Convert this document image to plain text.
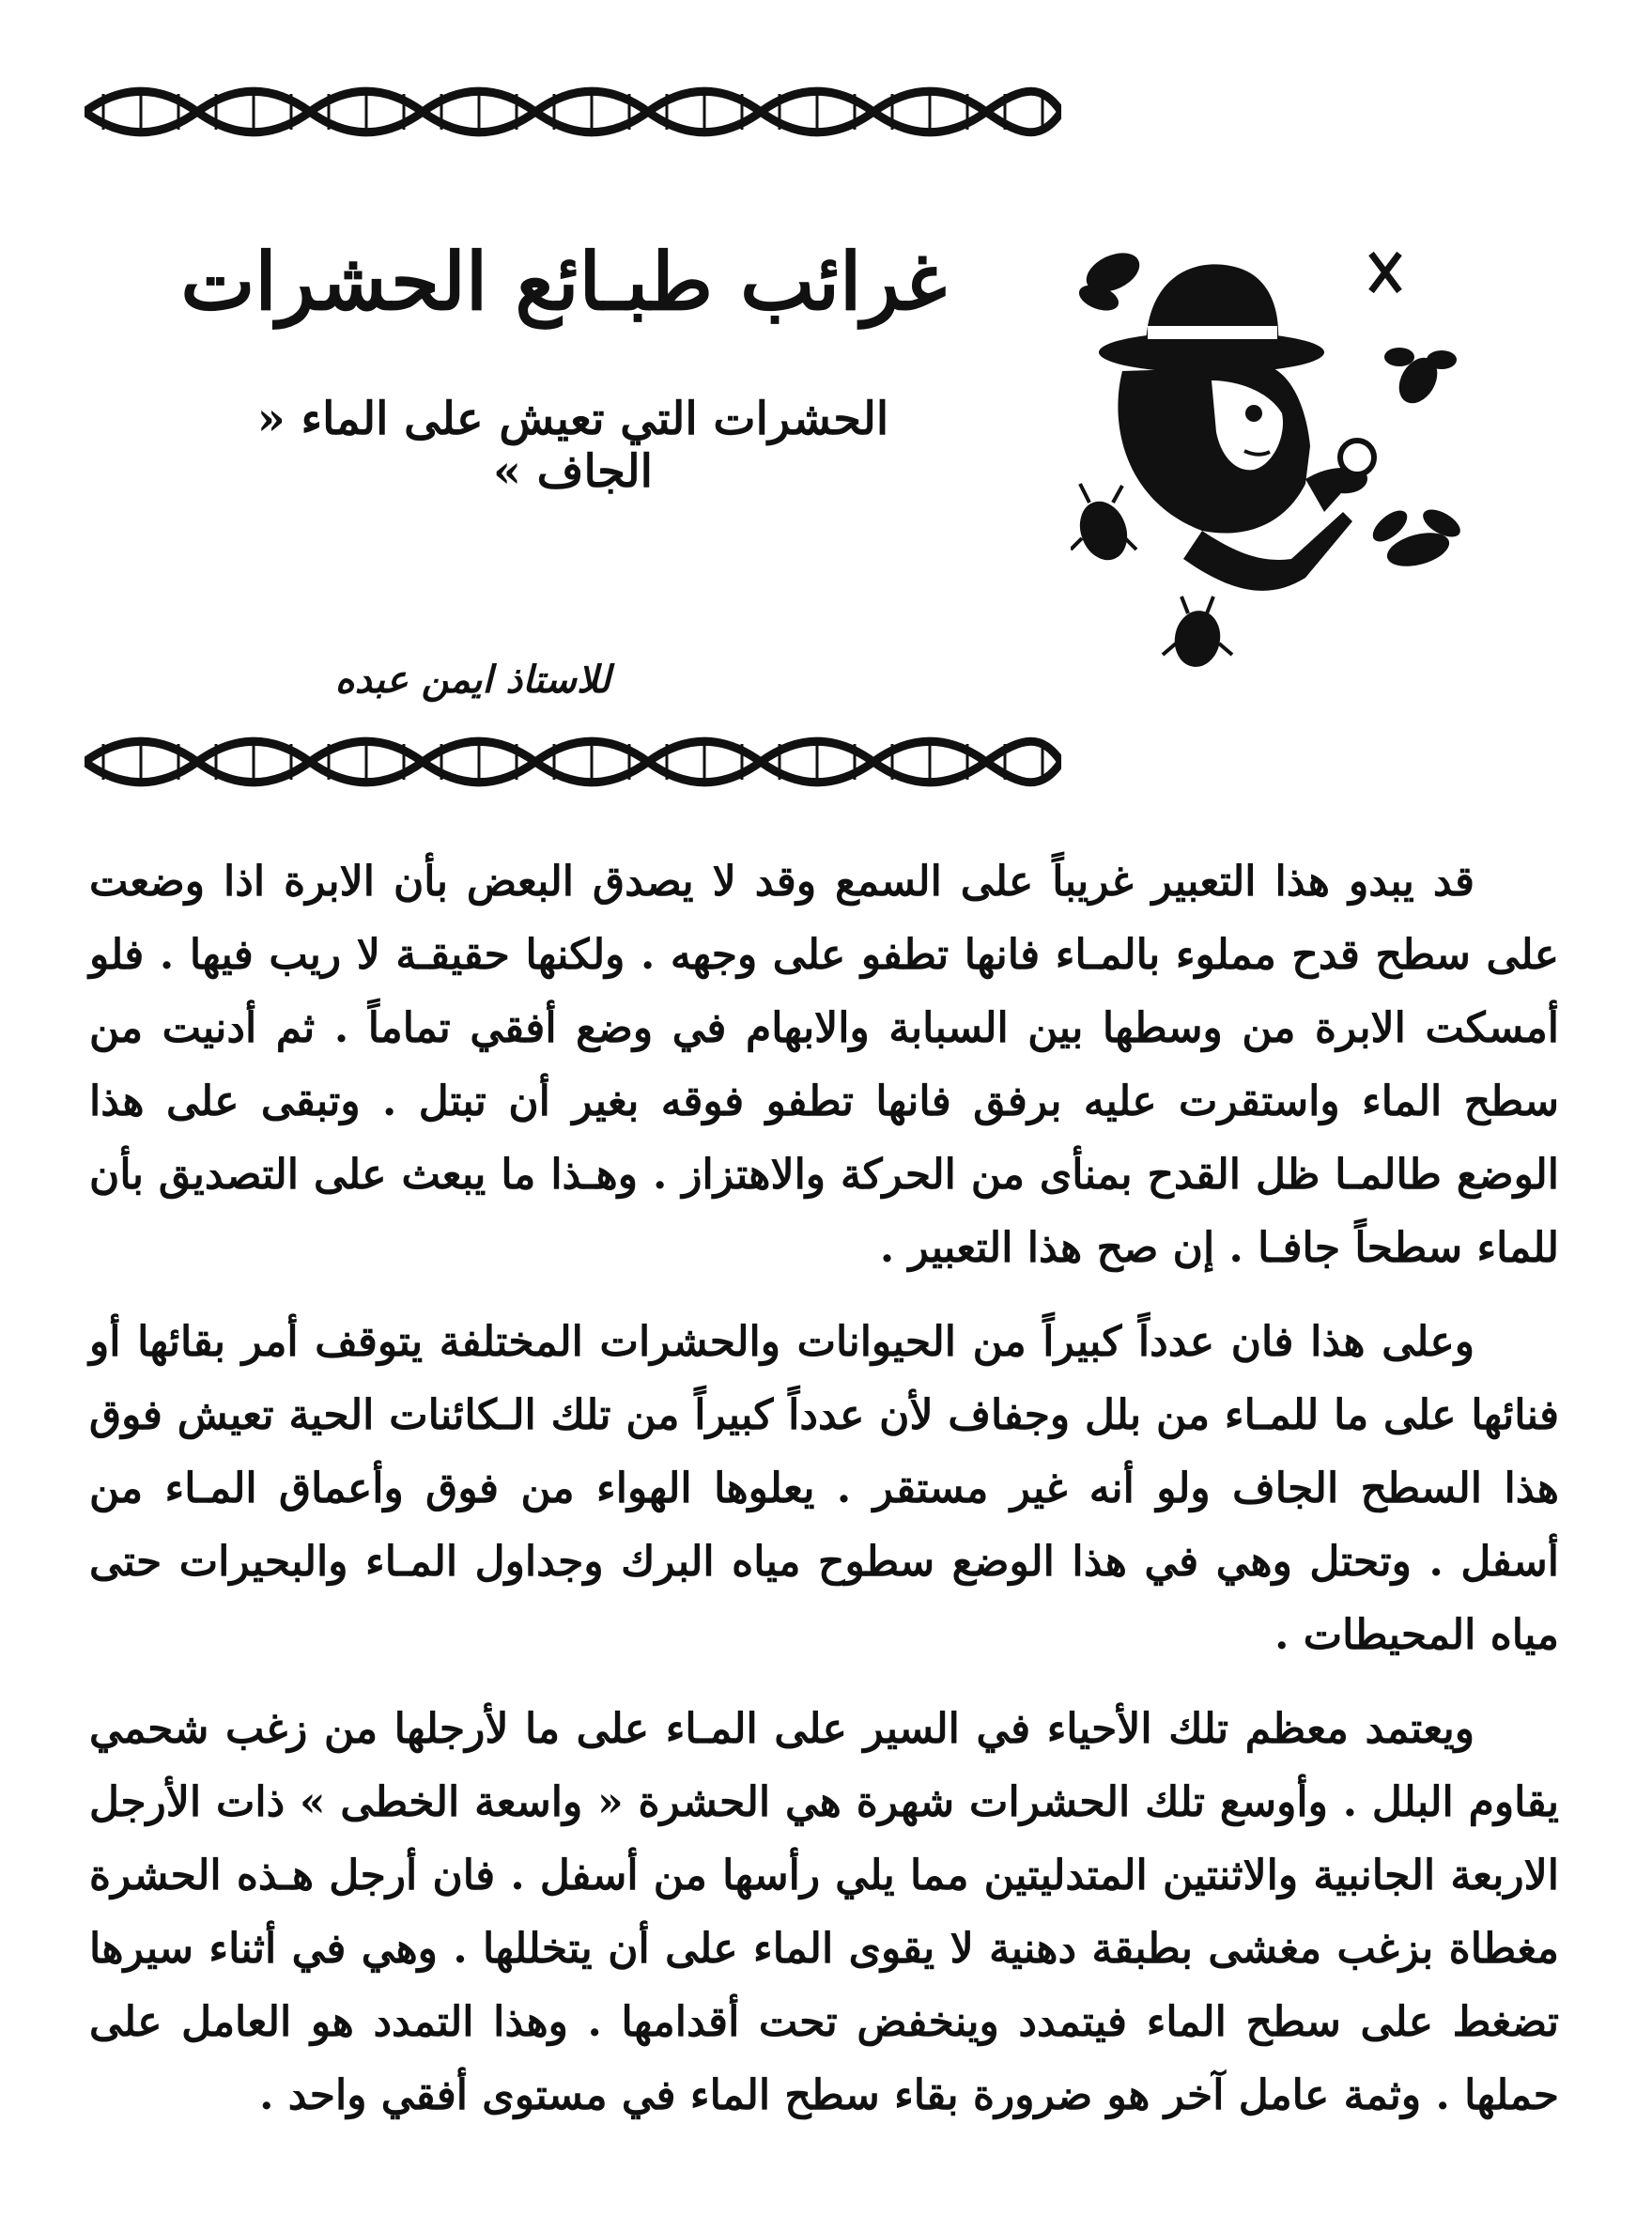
غرائب طبـائع الحشرات
الحشرات التي تعيش على الماء « الجاف »

للاستاذ ايمن عبده

قد يبدو هذا التعبير غريباً على السمع وقد لا يصدق البعض بأن الابرة اذا وضعت على سطح قدح مملوء بالمـاء فانها تطفو على وجهه . ولكنها حقيقـة لا ريب فيها . فلو أمسكت الابرة من وسطها بين السبابة والابهام في وضع أفقي تماماً . ثم أدنيت من سطح الماء واستقرت عليه برفق فانها تطفو فوقه بغير أن تبتل . وتبقى على هذا الوضع طالمـا ظل القدح بمنأى من الحركة والاهتزاز . وهـذا ما يبعث على التصديق بأن للماء سطحاً جافـا . إن صح هذا التعبير .

وعلى هذا فان عدداً كبيراً من الحيوانات والحشرات المختلفة يتوقف أمر بقائها أو فنائها على ما للمـاء من بلل وجفاف لأن عدداً كبيراً من تلك الـكائنات الحية تعيش فوق هذا السطح الجاف ولو أنه غير مستقر . يعلوها الهواء من فوق وأعماق المـاء من أسفل . وتحتل وهي في هذا الوضع سطوح مياه البرك وجداول المـاء والبحيرات حتى مياه المحيطات .

ويعتمد معظم تلك الأحياء في السير على المـاء على ما لأرجلها من زغب شحمي يقاوم البلل . وأوسع تلك الحشرات شهرة هي الحشرة « واسعة الخطى » ذات الأرجل الاربعة الجانبية والاثنتين المتدليتين مما يلي رأسها من أسفل . فان أرجل هـذه الحشرة مغطاة بزغب مغشى بطبقة دهنية لا يقوى الماء على أن يتخللها . وهي في أثناء سيرها تضغط على سطح الماء فيتمدد وينخفض تحت أقدامها . وهذا التمدد هو العامل على حملها . وثمة عامل آخر هو ضرورة بقاء سطح الماء في مستوى أفقي واحد .
